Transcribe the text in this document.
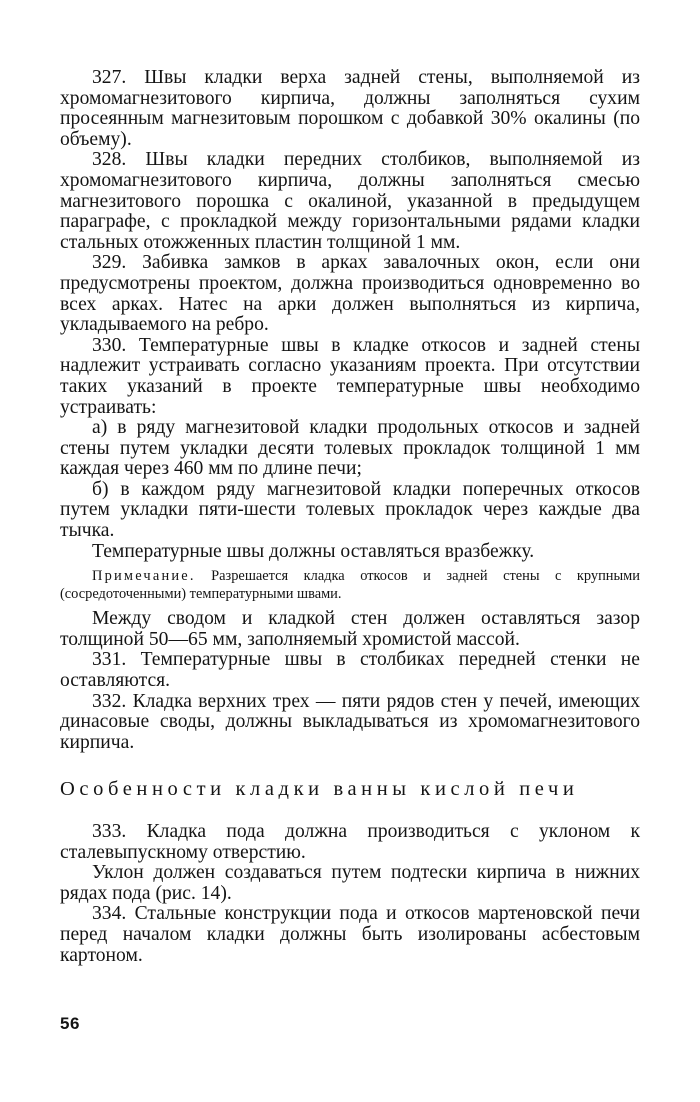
327. Швы кладки верха задней стены, выполняемой из хромомагнезитового кирпича, должны заполняться сухим просеянным магнезитовым порошком с добавкой 30% окалины (по объему).

328. Швы кладки передних столбиков, выполняемой из хромомагнезитового кирпича, должны заполняться смесью магнезитового порошка с окалиной, указанной в предыдущем параграфе, с прокладкой между горизонтальными рядами кладки стальных отожженных пластин толщиной 1 мм.

329. Забивка замков в арках завалочных окон, если они предусмотрены проектом, должна производиться одновременно во всех арках. Натес на арки должен выполняться из кирпича, укладываемого на ребро.

330. Температурные швы в кладке откосов и задней стены надлежит устраивать согласно указаниям проекта. При отсутствии таких указаний в проекте температурные швы необходимо устраивать:

а) в ряду магнезитовой кладки продольных откосов и задней стены путем укладки десяти толевых прокладок толщиной 1 мм каждая через 460 мм по длине печи;

б) в каждом ряду магнезитовой кладки поперечных откосов путем укладки пяти-шести толевых прокладок через каждые два тычка.

Температурные швы должны оставляться вразбежку.

Примечание. Разрешается кладка откосов и задней стены с крупными (сосредоточенными) температурными швами.

Между сводом и кладкой стен должен оставляться зазор толщиной 50—65 мм, заполняемый хромистой массой.

331. Температурные швы в столбиках передней стенки не оставляются.

332. Кладка верхних трех — пяти рядов стен у печей, имеющих динасовые своды, должны выкладываться из хромомагнезитового кирпича.

Особенности кладки ванны кислой печи

333. Кладка пода должна производиться с уклоном к сталевыпускному отверстию.

Уклон должен создаваться путем подтески кирпича в нижних рядах пода (рис. 14).

334. Стальные конструкции пода и откосов мартеновской печи перед началом кладки должны быть изолированы асбестовым картоном.

56
